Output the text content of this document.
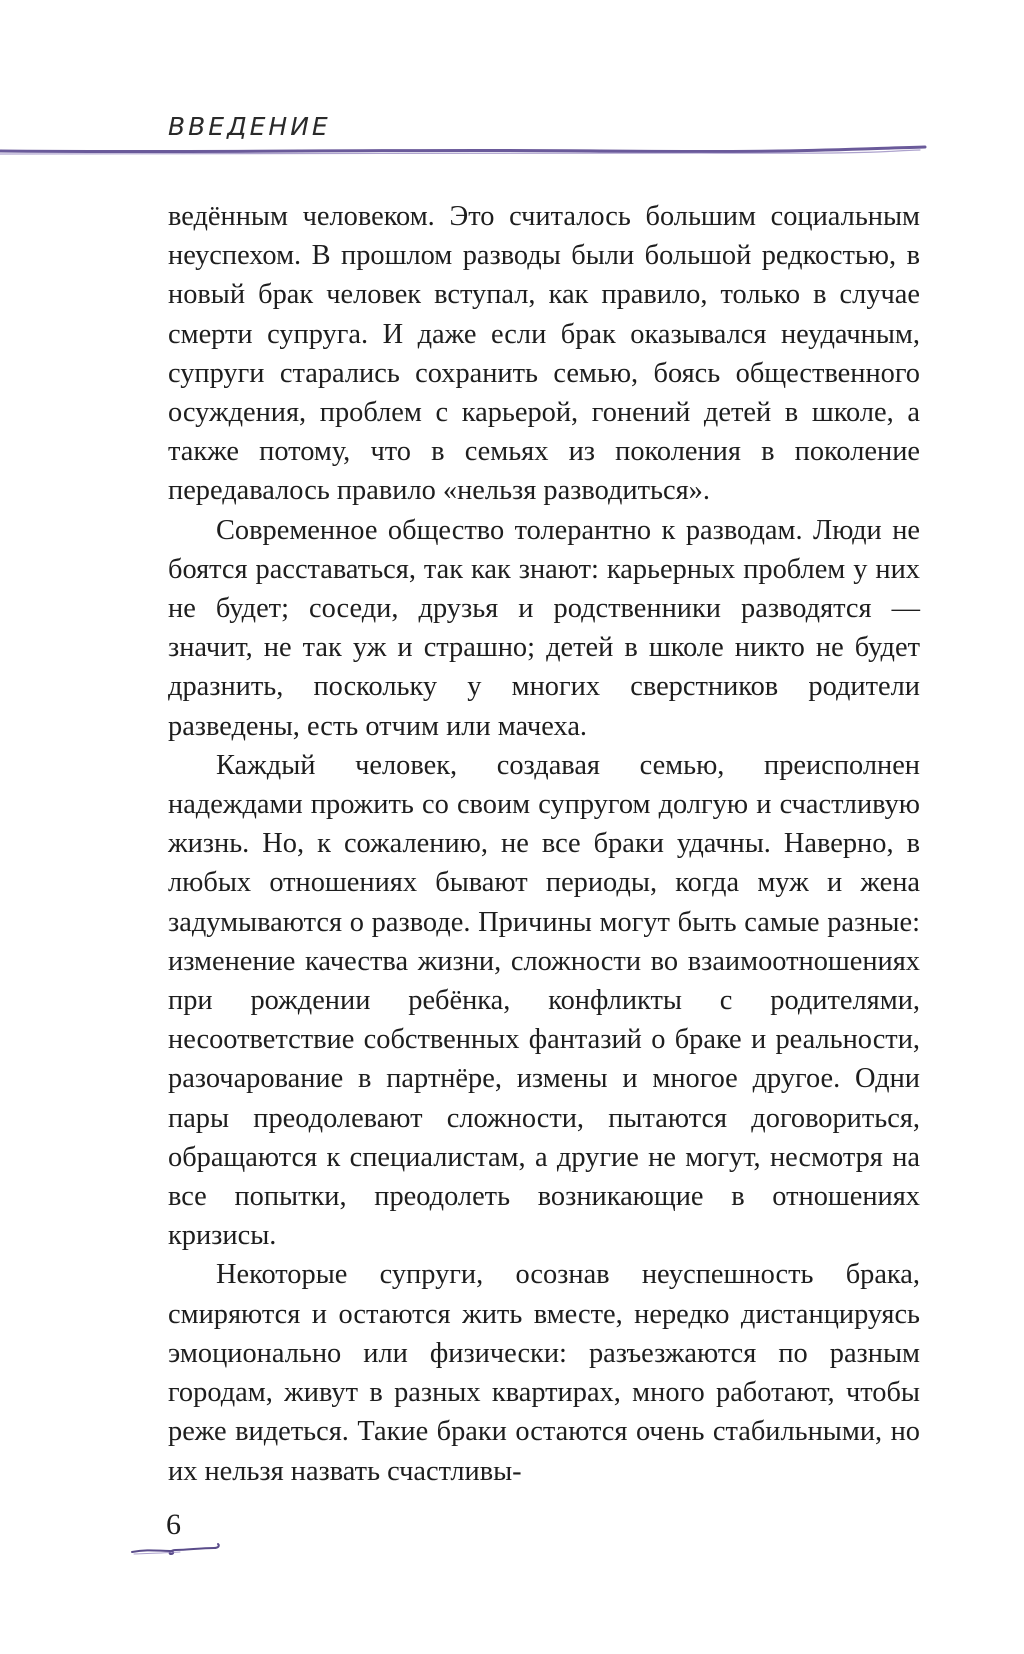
ВВЕДЕНИЕ

ведённым человеком. Это считалось большим социальным неуспехом. В прошлом разводы были большой редкостью, в новый брак человек вступал, как правило, только в случае смерти супруга. И даже если брак оказывался неудачным, супруги старались сохранить семью, боясь общественного осуждения, проблем с карьерой, гонений детей в школе, а также потому, что в семьях из поколения в поколение передавалось правило «нельзя разводиться».

Современное общество толерантно к разводам. Люди не боятся расставаться, так как знают: карьерных проблем у них не будет; соседи, друзья и родственники разводятся — значит, не так уж и страшно; детей в школе никто не будет дразнить, поскольку у многих сверстников родители разведены, есть отчим или мачеха.

Каждый человек, создавая семью, преисполнен надеждами прожить со своим супругом долгую и счастливую жизнь. Но, к сожалению, не все браки удачны. Наверно, в любых отношениях бывают периоды, когда муж и жена задумываются о разводе. Причины могут быть самые разные: изменение качества жизни, сложности во взаимоотношениях при рождении ребёнка, конфликты с родителями, несоответствие собственных фантазий о браке и реальности, разочарование в партнёре, измены и многое другое. Одни пары преодолевают сложности, пытаются договориться, обращаются к специалистам, а другие не могут, несмотря на все попытки, преодолеть возникающие в отношениях кризисы.

Некоторые супруги, осознав неуспешность брака, смиряются и остаются жить вместе, нередко дистанцируясь эмоционально или физически: разъезжаются по разным городам, живут в разных квартирах, много работают, чтобы реже видеться. Такие браки остаются очень стабильными, но их нельзя назвать счастливы-

6
